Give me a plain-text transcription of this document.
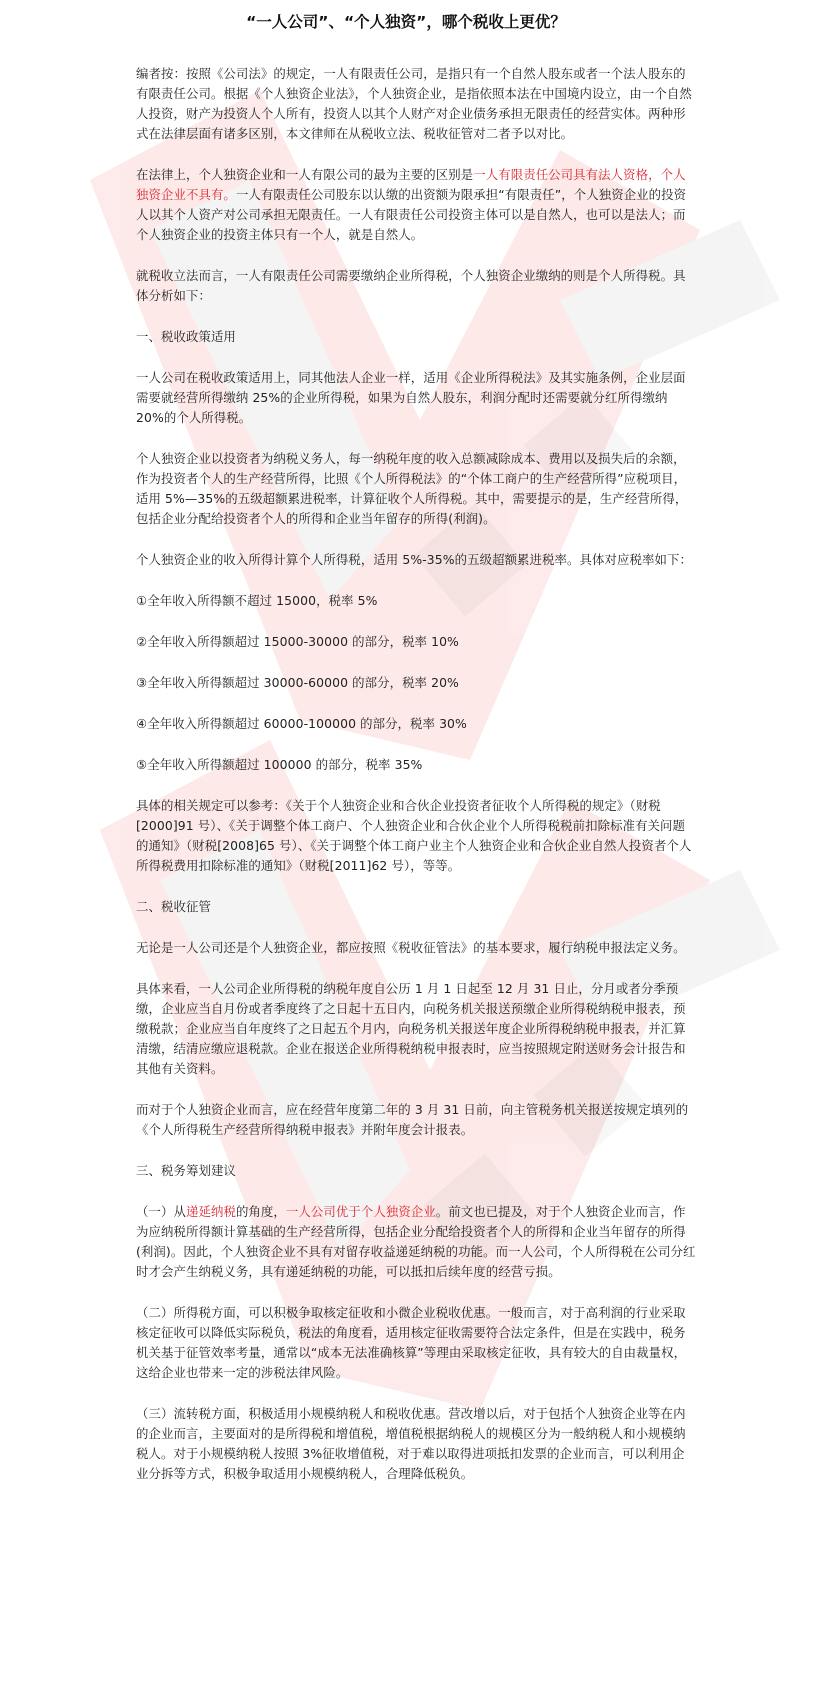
“一人公司”、“个人独资”，哪个税收上更优？

编者按：按照《公司法》的规定，一人有限责任公司，是指只有一个自然人股东或者一个法人股东的有限责任公司。根据《个人独资企业法》，个人独资企业，是指依照本法在中国境内设立，由一个自然人投资，财产为投资人个人所有，投资人以其个人财产对企业债务承担无限责任的经营实体。两种形式在法律层面有诸多区别，本文律师在从税收立法、税收征管对二者予以对比。

在法律上，个人独资企业和一人有限公司的最为主要的区别是一人有限责任公司具有法人资格，个人独资企业不具有。一人有限责任公司股东以认缴的出资额为限承担“有限责任”，个人独资企业的投资人以其个人资产对公司承担无限责任。一人有限责任公司投资主体可以是自然人，也可以是法人；而个人独资企业的投资主体只有一个人，就是自然人。

就税收立法而言，一人有限责任公司需要缴纳企业所得税，个人独资企业缴纳的则是个人所得税。具体分析如下：

一、税收政策适用

一人公司在税收政策适用上，同其他法人企业一样，适用《企业所得税法》及其实施条例，企业层面需要就经营所得缴纳 25%的企业所得税，如果为自然人股东，利润分配时还需要就分红所得缴纳 20%的个人所得税。

个人独资企业以投资者为纳税义务人，每一纳税年度的收入总额减除成本、费用以及损失后的余额，作为投资者个人的生产经营所得，比照《个人所得税法》的“个体工商户的生产经营所得”应税项目，适用 5%—35%的五级超额累进税率，计算征收个人所得税。其中，需要提示的是，生产经营所得，包括企业分配给投资者个人的所得和企业当年留存的所得(利润)。

个人独资企业的收入所得计算个人所得税，适用 5%-35%的五级超额累进税率。具体对应税率如下：

①全年收入所得额不超过 15000，税率 5%

②全年收入所得额超过 15000-30000 的部分，税率 10%

③全年收入所得额超过 30000-60000 的部分，税率 20%

④全年收入所得额超过 60000-100000 的部分，税率 30%

⑤全年收入所得额超过 100000 的部分，税率 35%

具体的相关规定可以参考：《关于个人独资企业和合伙企业投资者征收个人所得税的规定》（财税[2000]91 号）、《关于调整个体工商户、个人独资企业和合伙企业个人所得税税前扣除标准有关问题的通知》（财税[2008]65 号）、《关于调整个体工商户业主个人独资企业和合伙企业自然人投资者个人所得税费用扣除标准的通知》（财税[2011]62 号），等等。

二、税收征管

无论是一人公司还是个人独资企业，都应按照《税收征管法》的基本要求，履行纳税申报法定义务。

具体来看，一人公司企业所得税的纳税年度自公历 1 月 1 日起至 12 月 31 日止，分月或者分季预缴，企业应当自月份或者季度终了之日起十五日内，向税务机关报送预缴企业所得税纳税申报表，预缴税款；企业应当自年度终了之日起五个月内，向税务机关报送年度企业所得税纳税申报表，并汇算清缴，结清应缴应退税款。企业在报送企业所得税纳税申报表时，应当按照规定附送财务会计报告和其他有关资料。

而对于个人独资企业而言，应在经营年度第二年的 3 月 31 日前，向主管税务机关报送按规定填列的《个人所得税生产经营所得纳税申报表》并附年度会计报表。

三、税务筹划建议

（一）从递延纳税的角度，一人公司优于个人独资企业。前文也已提及，对于个人独资企业而言，作为应纳税所得额计算基础的生产经营所得，包括企业分配给投资者个人的所得和企业当年留存的所得(利润)。因此，个人独资企业不具有对留存收益递延纳税的功能。而一人公司，个人所得税在公司分红时才会产生纳税义务，具有递延纳税的功能，可以抵扣后续年度的经营亏损。

（二）所得税方面，可以积极争取核定征收和小微企业税收优惠。一般而言，对于高利润的行业采取核定征收可以降低实际税负，税法的角度看，适用核定征收需要符合法定条件，但是在实践中，税务机关基于征管效率考量，通常以“成本无法准确核算”等理由采取核定征收，具有较大的自由裁量权，这给企业也带来一定的涉税法律风险。

（三）流转税方面，积极适用小规模纳税人和税收优惠。营改增以后，对于包括个人独资企业等在内的企业而言，主要面对的是所得税和增值税，增值税根据纳税人的规模区分为一般纳税人和小规模纳税人。对于小规模纳税人按照 3%征收增值税，对于难以取得进项抵扣发票的企业而言，可以利用企业分拆等方式，积极争取适用小规模纳税人，合理降低税负。
